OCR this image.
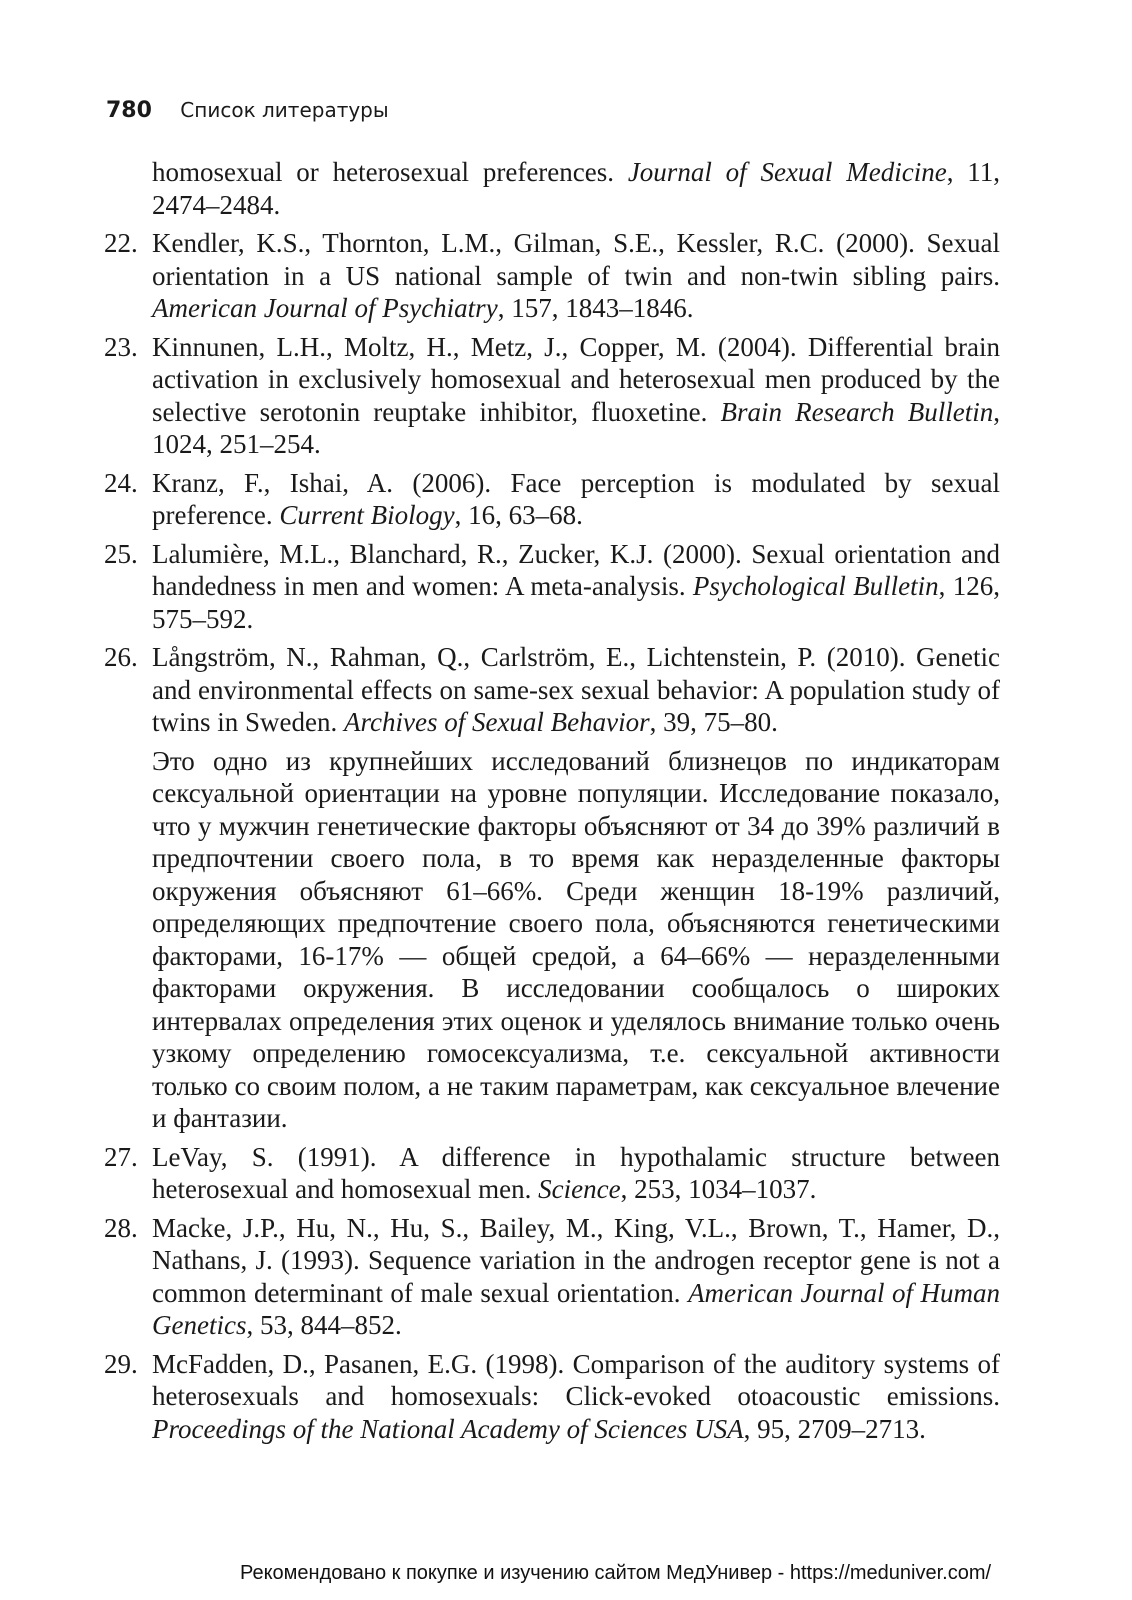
780 Список литературы
homosexual or heterosexual preferences. Journal of Sexual Medicine, 11, 2474–2484.
22. Kendler, K.S., Thornton, L.M., Gilman, S.E., Kessler, R.C. (2000). Sexual orientation in a US national sample of twin and non-twin sibling pairs. American Journal of Psychiatry, 157, 1843–1846.
23. Kinnunen, L.H., Moltz, H., Metz, J., Copper, M. (2004). Differential brain activation in exclusively homosexual and heterosexual men produced by the selective serotonin reuptake inhibitor, fluoxetine. Brain Research Bulletin, 1024, 251–254.
24. Kranz, F., Ishai, A. (2006). Face perception is modulated by sexual preference. Current Biology, 16, 63–68.
25. Lalumière, M.L., Blanchard, R., Zucker, K.J. (2000). Sexual orientation and handedness in men and women: A meta-analysis. Psychological Bulletin, 126, 575–592.
26. Långström, N., Rahman, Q., Carlström, E., Lichtenstein, P. (2010). Genetic and environmental effects on same-sex sexual behavior: A population study of twins in Sweden. Archives of Sexual Behavior, 39, 75–80.
Это одно из крупнейших исследований близнецов по индикаторам сексуальной ориентации на уровне популяции. Исследование показало, что у мужчин генетические факторы объясняют от 34 до 39% различий в предпочтении своего пола, в то время как неразделенные факторы окружения объясняют 61–66%. Среди женщин 18-19% различий, определяющих предпочтение своего пола, объясняются генетическими факторами, 16-17% — общей средой, а 64–66% — неразделенными факторами окружения. В исследовании сообщалось о широких интервалах определения этих оценок и уделялось внимание только очень узкому определению гомосексуализма, т.е. сексуальной активности только со своим полом, а не таким параметрам, как сексуальное влечение и фантазии.
27. LeVay, S. (1991). A difference in hypothalamic structure between heterosexual and homosexual men. Science, 253, 1034–1037.
28. Macke, J.P., Hu, N., Hu, S., Bailey, M., King, V.L., Brown, T., Hamer, D., Nathans, J. (1993). Sequence variation in the androgen receptor gene is not a common determinant of male sexual orientation. American Journal of Human Genetics, 53, 844–852.
29. McFadden, D., Pasanen, E.G. (1998). Comparison of the auditory systems of heterosexuals and homosexuals: Click-evoked otoacoustic emissions. Proceedings of the National Academy of Sciences USA, 95, 2709–2713.
Рекомендовано к покупке и изучению сайтом МедУнивер - https://meduniver.com/
